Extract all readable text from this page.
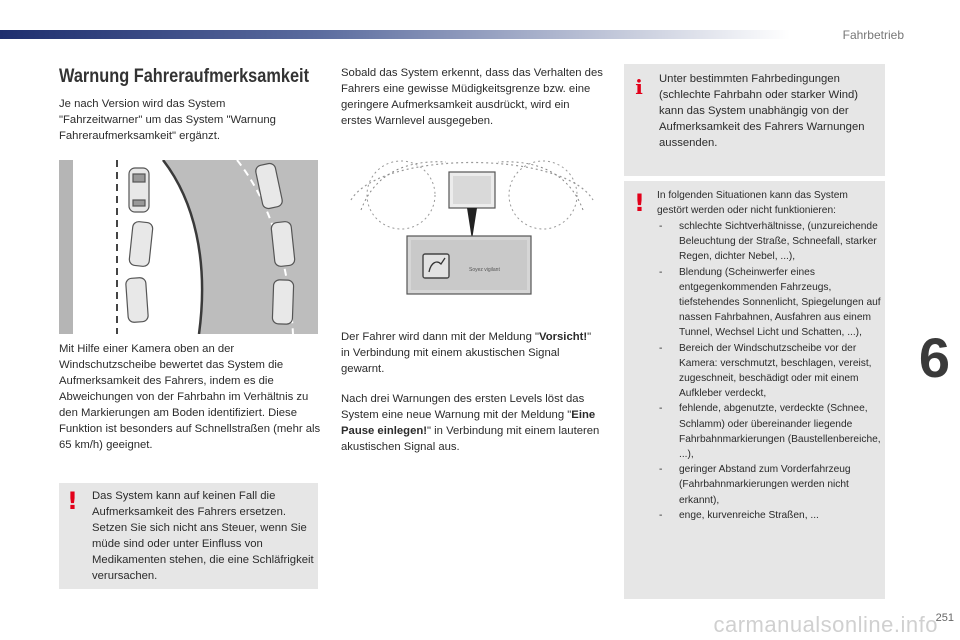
Fahrbetrieb
6
carmanualsonline.info
251
Warnung Fahreraufmerksamkeit

Je nach Version wird das System "Fahrzeitwarner" um das System "Warnung Fahreraufmerksamkeit" ergänzt.

Mit Hilfe einer Kamera oben an der Windschutzscheibe bewertet das System die Aufmerksamkeit des Fahrers, indem es die Abweichungen von der Fahrbahn im Verhältnis zu den Markierungen am Boden identifiziert. Diese Funktion ist besonders auf Schnellstraßen (mehr als 65 km/h) geeignet.

! Das System kann auf keinen Fall die Aufmerksamkeit des Fahrers ersetzen. Setzen Sie sich nicht ans Steuer, wenn Sie müde sind oder unter Einfluss von Medikamenten stehen, die eine Schläfrigkeit verursachen.

Sobald das System erkennt, dass das Verhalten des Fahrers eine gewisse Müdigkeitsgrenze bzw. eine geringere Aufmerksamkeit ausdrückt, wird ein erstes Warnlevel ausgegeben.

Soyez vigilant

Der Fahrer wird dann mit der Meldung "Vorsicht!" in Verbindung mit einem akustischen Signal gewarnt.

Nach drei Warnungen des ersten Levels löst das System eine neue Warnung mit der Meldung "Eine Pause einlegen!" in Verbindung mit einem lauteren akustischen Signal aus.

i Unter bestimmten Fahrbedingungen (schlechte Fahrbahn oder starker Wind) kann das System unabhängig von der Aufmerksamkeit des Fahrers Warnungen aussenden.

! In folgenden Situationen kann das System gestört werden oder nicht funktionieren:

- schlechte Sichtverhältnisse, (unzureichende Beleuchtung der Straße, Schneefall, starker Regen, dichter Nebel, ...),
- Blendung (Scheinwerfer eines entgegenkommenden Fahrzeugs, tiefstehendes Sonnenlicht, Spiegelungen auf nassen Fahrbahnen, Ausfahren aus einem Tunnel, Wechsel Licht und Schatten, ...),
- Bereich der Windschutzscheibe vor der Kamera: verschmutzt, beschlagen, vereist, zugeschneit, beschädigt oder mit einem Aufkleber verdeckt,
- fehlende, abgenutzte, verdeckte (Schnee, Schlamm) oder übereinander liegende Fahrbahnmarkierungen (Baustellenbereiche, ...),
- geringer Abstand zum Vorderfahrzeug (Fahrbahnmarkierungen werden nicht erkannt),
- enge, kurvenreiche Straßen, ...
